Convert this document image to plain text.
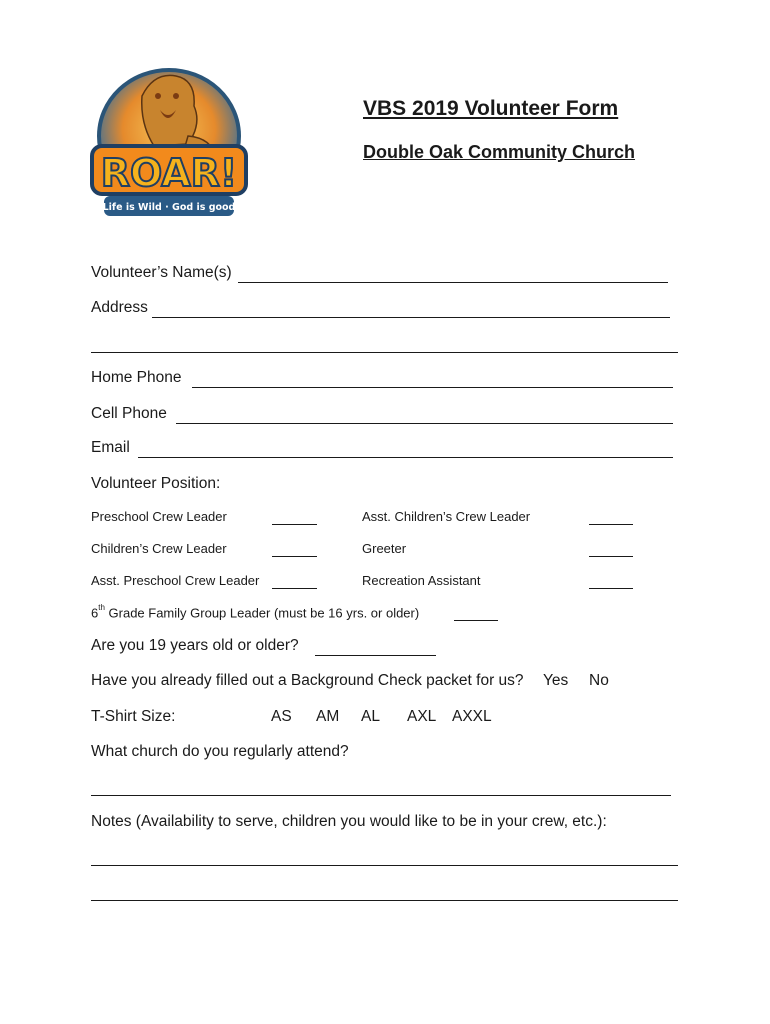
ROAR!
Life is Wild · God is good
VBS 2019 Volunteer Form
Double Oak Community Church
Volunteer’s Name(s)
Address
Home Phone
Cell Phone
Email
Volunteer Position:
Preschool Crew Leader	Asst. Children’s Crew Leader
Children’s Crew Leader	Greeter
Asst. Preschool Crew Leader	Recreation Assistant
6th Grade Family Group Leader (must be 16 yrs. or older)
Are you 19 years old or older?
Have you already filled out a Background Check packet for us? Yes No
T-Shirt Size:	AS AM AL AXL AXXL
What church do you regularly attend?
Notes (Availability to serve, children you would like to be in your crew, etc.):
